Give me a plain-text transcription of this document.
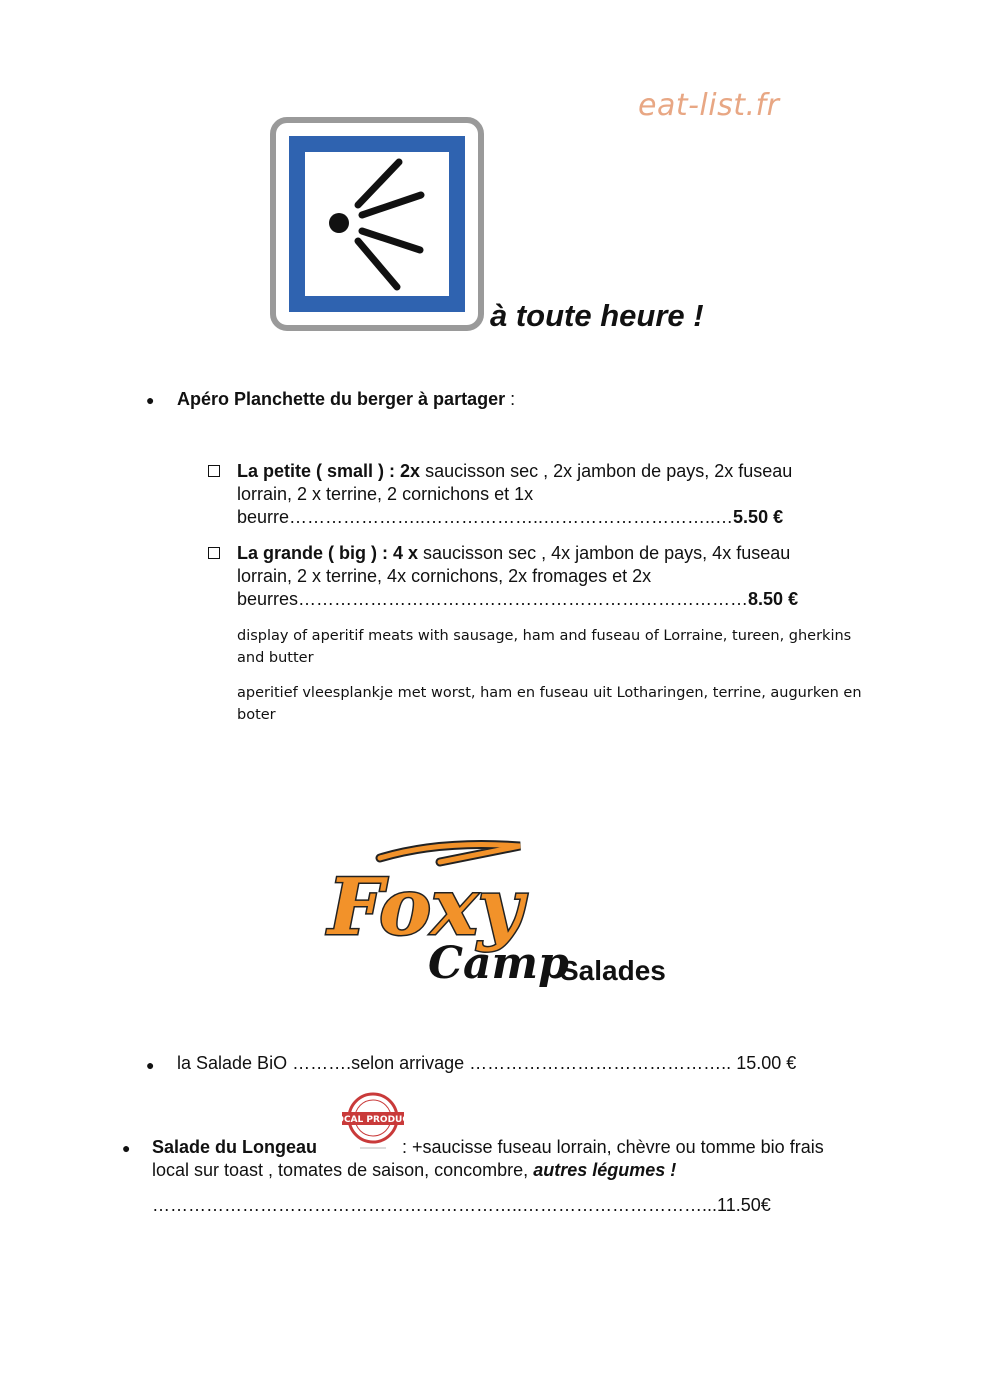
eat-list.fr
à toute heure !
● Apéro Planchette du berger à partager :
La petite ( small ) : 2x saucisson sec , 2x jambon de pays, 2x fuseau
lorrain, 2 x terrine, 2 cornichons et 1x
beurre…………………..………………..………………………..…5.50 €
La grande ( big ) : 4 x saucisson sec , 4x jambon de pays, 4x fuseau
lorrain, 2 x terrine, 4x cornichons, 2x fromages et 2x
beurres…………………………………………………………………8.50 €
display of aperitif meats with sausage, ham and fuseau of Lorraine, tureen, gherkins and butter
aperitief vleesplankje met worst, ham en fuseau uit Lotharingen, terrine, augurken en boter
Foxy
Camp
Salades
● la Salade BiO ……….selon arrivage …………………………………….. 15.00 €
LOCAL PRODUCT
● Salade du Longeau	: +saucisse fuseau lorrain, chèvre ou tomme bio frais
local sur toast , tomates de saison, concombre, autres légumes !
……………………………………………………..…………………………...11.50€
